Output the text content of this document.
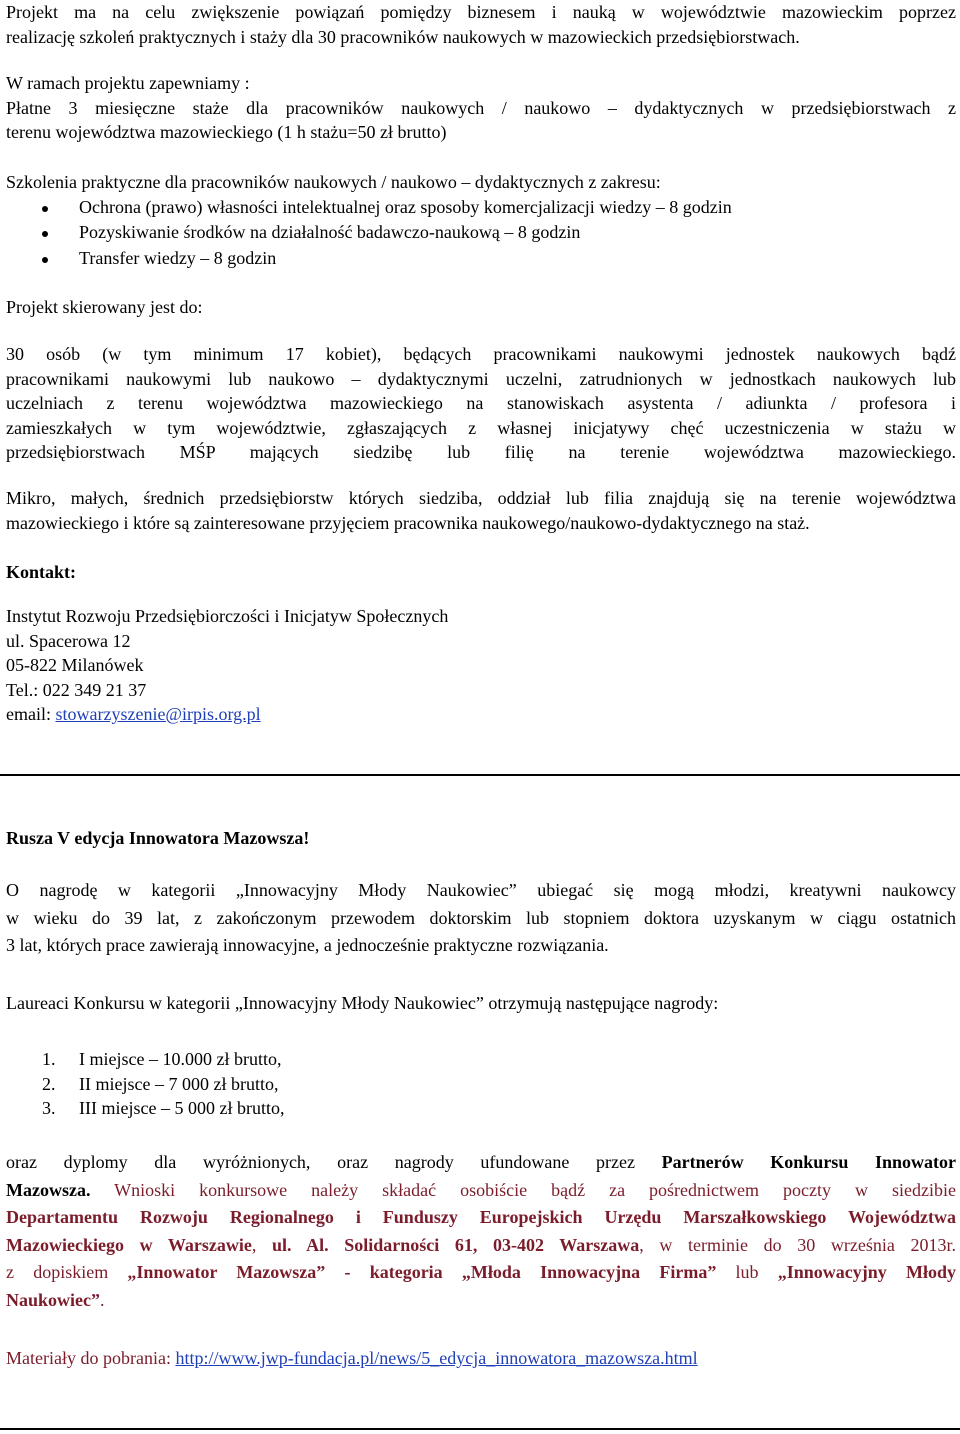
Projekt ma na celu zwiększenie powiązań pomiędzy biznesem i nauką w województwie mazowieckim poprzez

realizację szkoleń praktycznych i staży dla 30 pracowników naukowych w mazowieckich przedsiębiorstwach.

W ramach projektu zapewniamy :

Płatne 3 miesięczne staże dla pracowników naukowych / naukowo – dydaktycznych w przedsiębiorstwach z

terenu województwa mazowieckiego (1 h stażu=50 zł brutto)

Szkolenia praktyczne dla pracowników naukowych / naukowo – dydaktycznych z zakresu:

Ochrona (prawo) własności intelektualnej oraz sposoby komercjalizacji wiedzy – 8 godzin
Pozyskiwanie środków na działalność badawczo-naukową – 8 godzin
Transfer wiedzy – 8 godzin

Projekt skierowany jest do:

30 osób (w tym minimum 17 kobiet), będących pracownikami naukowymi jednostek naukowych bądź

pracownikami naukowymi lub naukowo – dydaktycznymi uczelni, zatrudnionych w jednostkach naukowych lub

uczelniach z terenu województwa mazowieckiego na stanowiskach asystenta / adiunkta / profesora i

zamieszkałych w tym województwie, zgłaszających z własnej inicjatywy chęć uczestniczenia w stażu w

przedsiębiorstwach MŚP mających siedzibę lub filię na terenie województwa mazowieckiego.

Mikro, małych, średnich przedsiębiorstw których siedziba, oddział lub filia znajdują się na terenie województwa

mazowieckiego i które są zainteresowane przyjęciem pracownika naukowego/naukowo-dydaktycznego na staż.

Kontakt:

Instytut Rozwoju Przedsiębiorczości i Inicjatyw Społecznych

ul. Spacerowa 12

05-822 Milanówek

Tel.: 022 349 21 37

email: stowarzyszenie@irpis.org.pl

Rusza V edycja Innowatora Mazowsza!

O nagrodę w kategorii „Innowacyjny Młody Naukowiec” ubiegać się mogą młodzi, kreatywni naukowcy

w wieku do 39 lat, z zakończonym przewodem doktorskim lub stopniem doktora uzyskanym w ciągu ostatnich

3 lat, których prace zawierają innowacyjne, a jednocześnie praktyczne rozwiązania.

Laureaci Konkursu w kategorii „Innowacyjny Młody Naukowiec” otrzymują następujące nagrody:

1. I miejsce – 10.000 zł brutto,
2. II miejsce – 7 000 zł brutto,
3. III miejsce – 5 000 zł brutto,

oraz dyplomy dla wyróżnionych, oraz nagrody ufundowane przez Partnerów Konkursu Innowator

Mazowsza. Wnioski konkursowe należy składać osobiście bądź za pośrednictwem poczty w siedzibie

Departamentu Rozwoju Regionalnego i Funduszy Europejskich Urzędu Marszałkowskiego Województwa

Mazowieckiego w Warszawie, ul. Al. Solidarności 61, 03-402 Warszawa, w terminie do 30 września 2013r.

z dopiskiem „Innowator Mazowsza” - kategoria „Młoda Innowacyjna Firma” lub „Innowacyjny Młody

Naukowiec”.

Materiały do pobrania: http://www.jwp-fundacja.pl/news/5_edycja_innowatora_mazowsza.html
